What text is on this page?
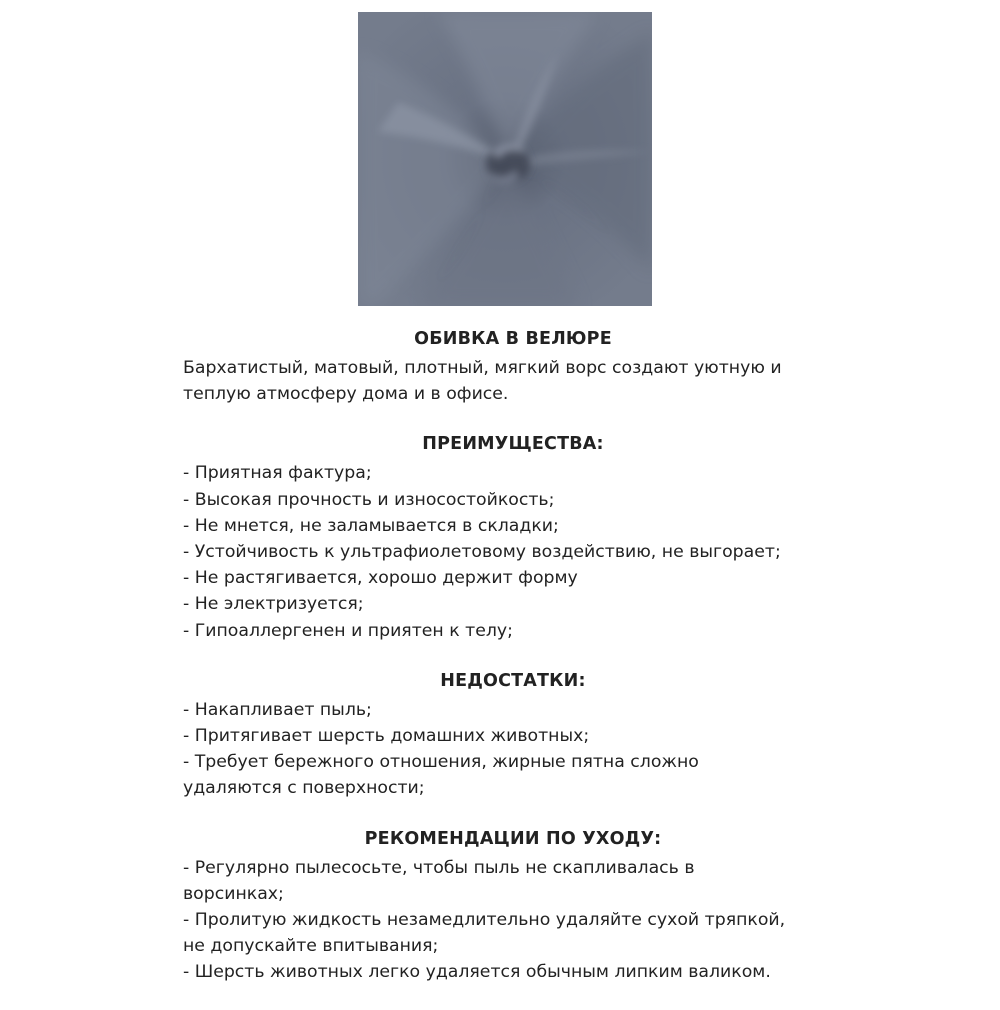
ОБИВКА В ВЕЛЮРЕ

Бархатистый, матовый, плотный, мягкий ворс создают уютную и

теплую атмосферу дома и в офисе.

ПРЕИМУЩЕСТВА:

- Приятная фактура;

- Высокая прочность и износостойкость;

- Не мнется, не заламывается в складки;

- Устойчивость к ультрафиолетовому воздействию, не выгорает;

- Не растягивается, хорошо держит форму

- Не электризуется;

- Гипоаллергенен и приятен к телу;

НЕДОСТАТКИ:

- Накапливает пыль;

- Притягивает шерсть домашних животных;

- Требует бережного отношения, жирные пятна сложно

удаляются с поверхности;

РЕКОМЕНДАЦИИ ПО УХОДУ:

- Регулярно пылесосьте, чтобы пыль не скапливалась в

ворсинках;

- Пролитую жидкость незамедлительно удаляйте сухой тряпкой,

не допускайте впитывания;

- Шерсть животных легко удаляется обычным липким валиком.
